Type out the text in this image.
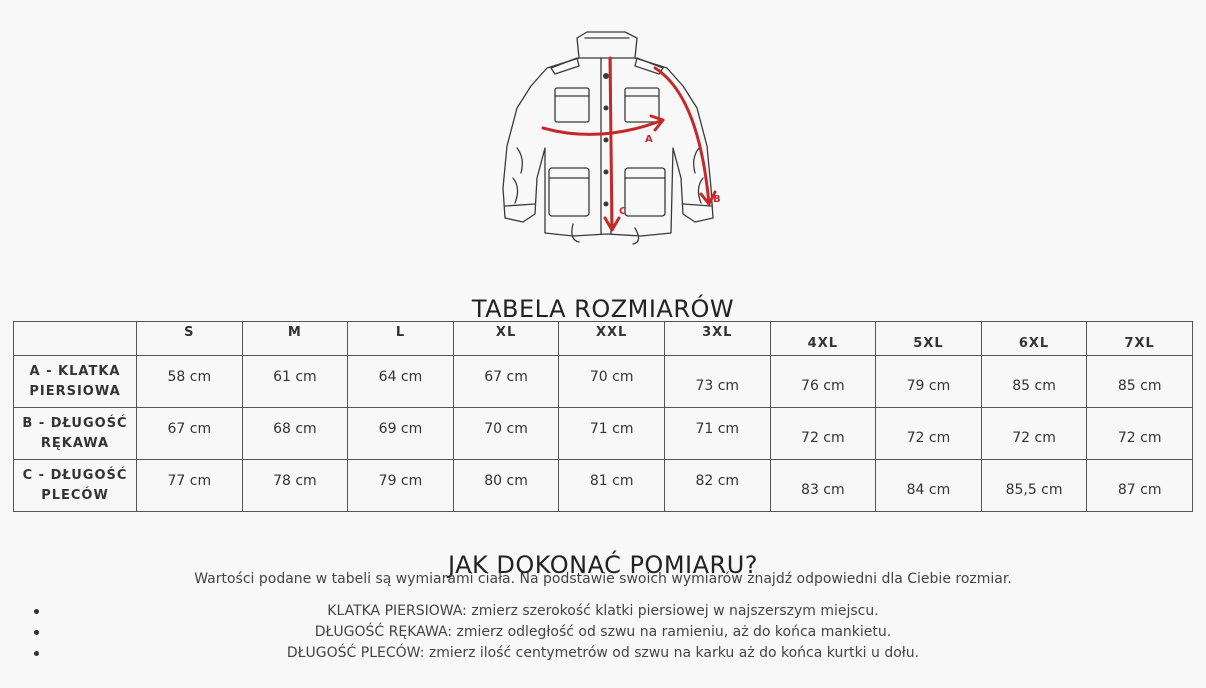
A
B
C
TABELA ROZMIARÓW
	S	M	L	XL	XXL	3XL	4XL	5XL	6XL	7XL
A - KLATKA
PIERSIOWA	58 cm	61 cm	64 cm	67 cm	70 cm	73 cm	76 cm	79 cm	85 cm	85 cm
B - DŁUGOŚĆ
RĘKAWA	67 cm	68 cm	69 cm	70 cm	71 cm	71 cm	72 cm	72 cm	72 cm	72 cm
C - DŁUGOŚĆ
PLECÓW	77 cm	78 cm	79 cm	80 cm	81 cm	82 cm	83 cm	84 cm	85,5 cm	87 cm
JAK DOKONAĆ POMIARU?
Wartości podane w tabeli są wymiarami ciała. Na podstawie swoich wymiarów znajdź odpowiedni dla Ciebie rozmiar.
KLATKA PIERSIOWA: zmierz szerokość klatki piersiowej w najszerszym miejscu.
DŁUGOŚĆ RĘKAWA: zmierz odległość od szwu na ramieniu, aż do końca mankietu.
DŁUGOŚĆ PLECÓW: zmierz ilość centymetrów od szwu na karku aż do końca kurtki u dołu.
